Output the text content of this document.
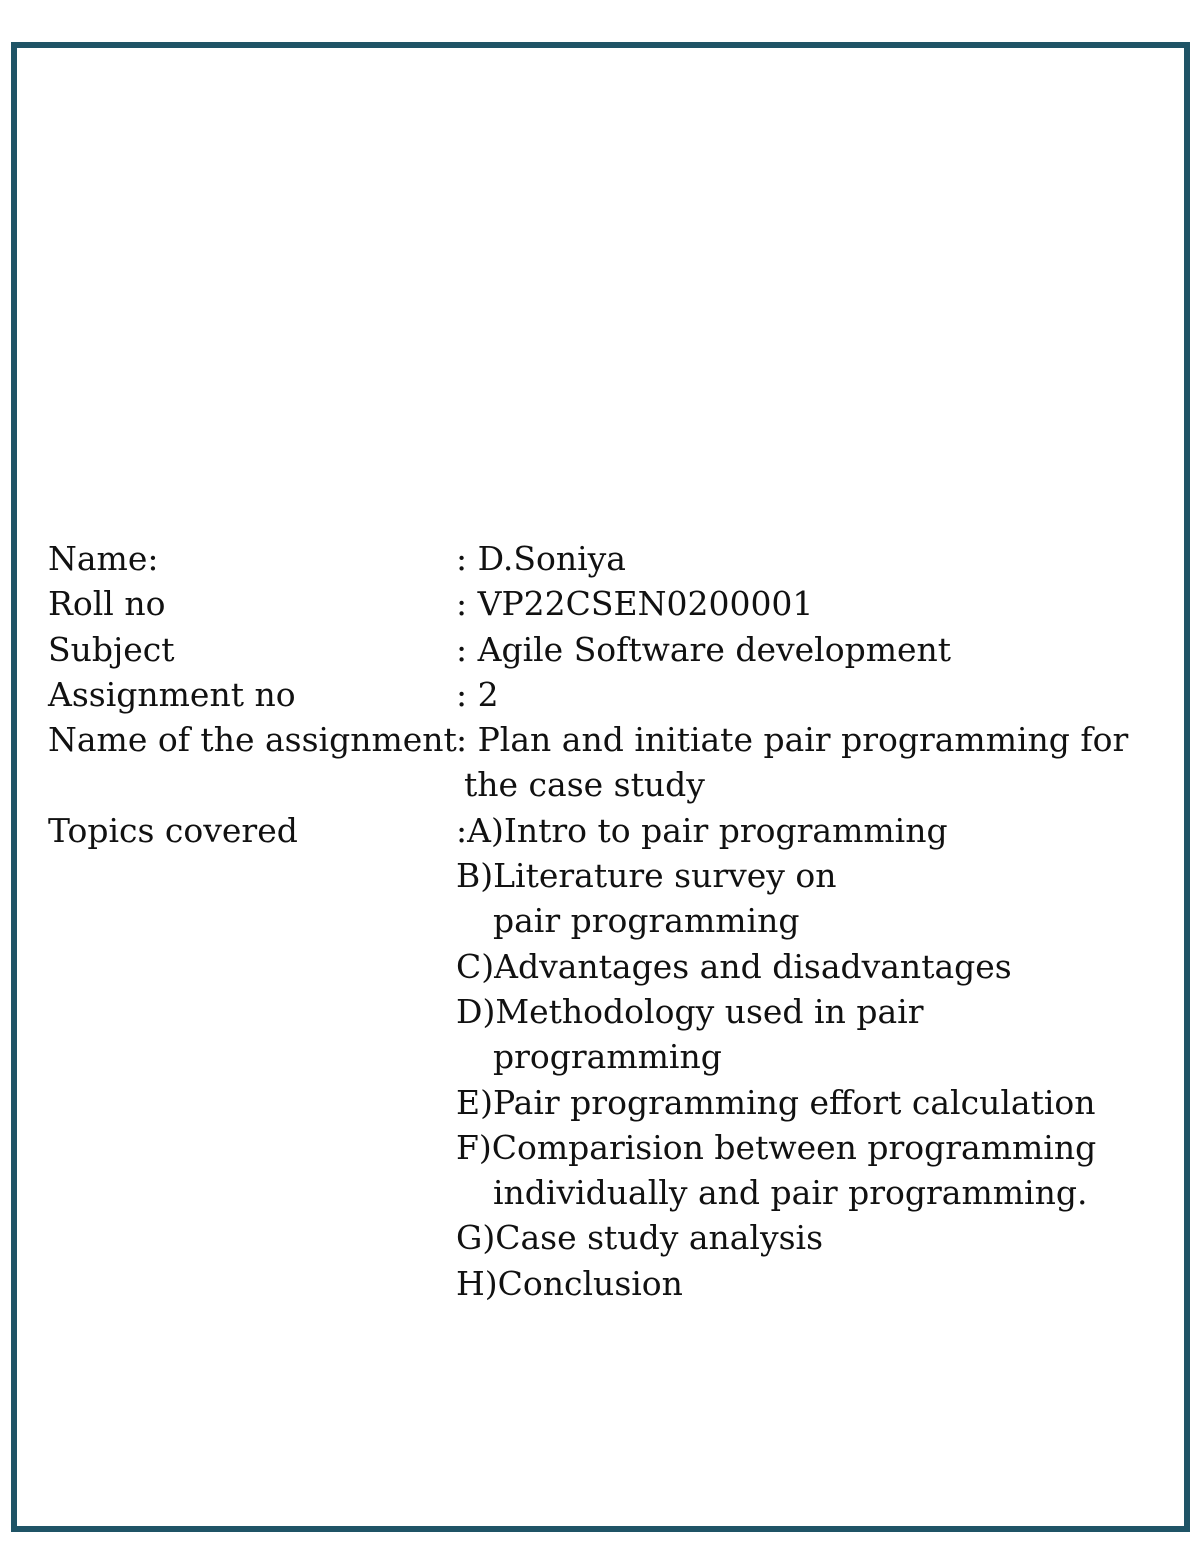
Name:	: D.Soniya
Roll no	: VP22CSEN0200001
Subject	: Agile Software development
Assignment no	: 2
Name of the assignment : Plan and initiate pair programming for
the case study
Topics covered	:A)Intro to pair programming
B)Literature survey on
pair programming
C)Advantages and disadvantages
D)Methodology used in pair
programming
E)Pair programming effort calculation
F)Comparision between programming
individually and pair programming.
G)Case study analysis
H)Conclusion
